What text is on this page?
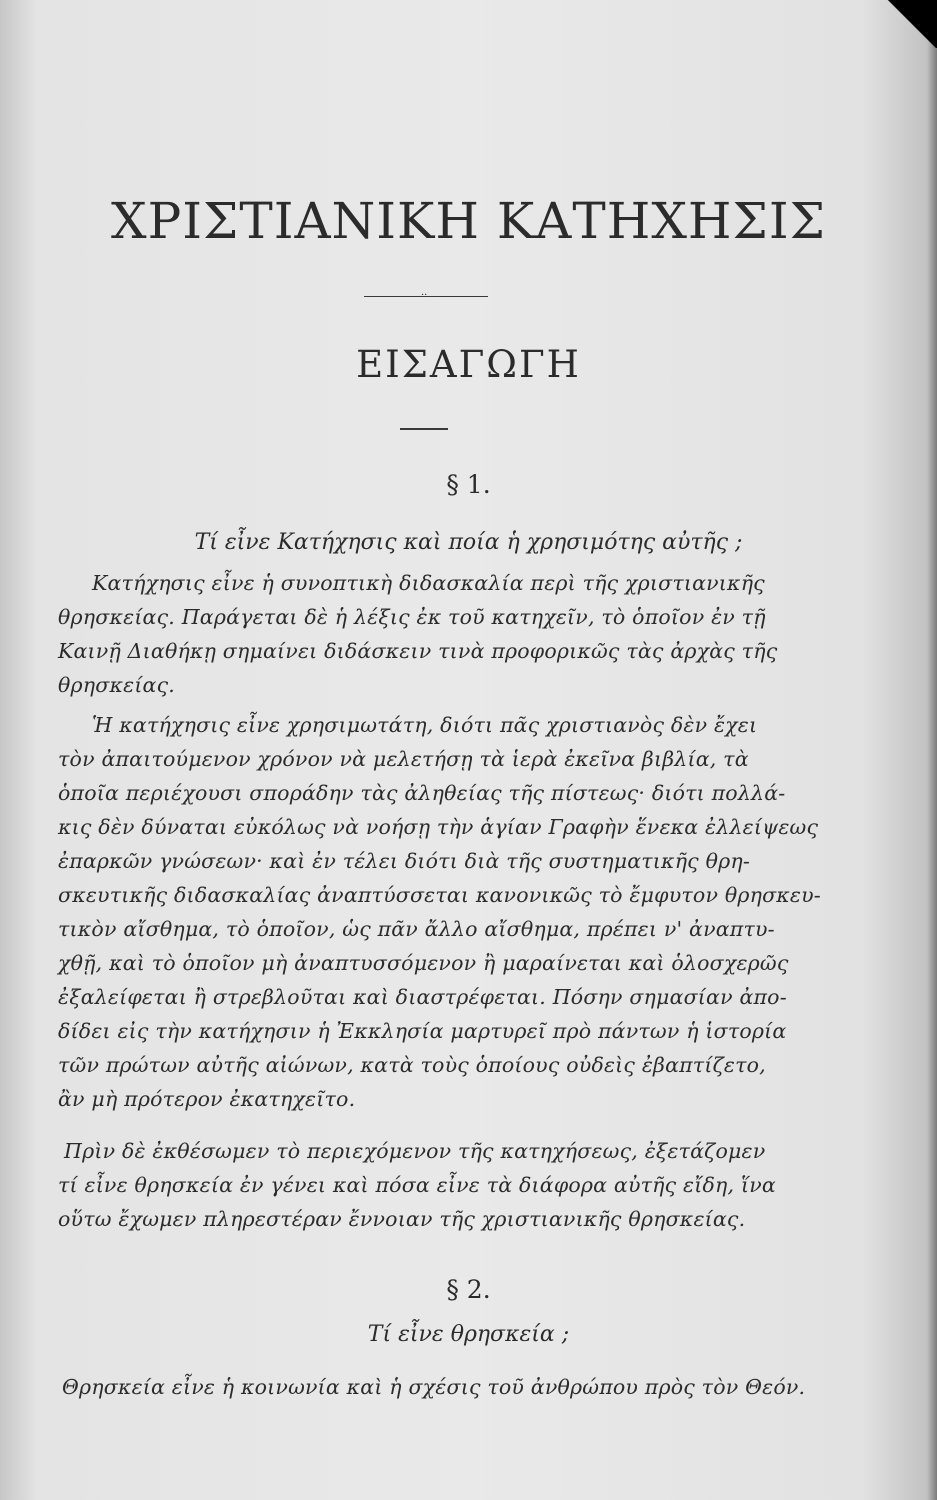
ΧΡΙΣΤΙΑΝΙΚΗ ΚΑΤΗΧΗΣΙΣ
··
ΕΙΣΑΓΩΓΗ
§ 1.
Τί εἶνε Κατήχησις καὶ ποία ἡ χρησιμότης αὐτῆς ;
Κατήχησις εἶνε ἡ συνοπτικὴ διδασκαλία περὶ τῆς χριστιανικῆς
θρησκείας. Παράγεται δὲ ἡ λέξις ἐκ τοῦ κατηχεῖν, τὸ ὁποῖον ἐν τῇ
Καινῇ Διαθήκῃ σημαίνει διδάσκειν τινὰ προφορικῶς τὰς ἀρχὰς τῆς
θρησκείας.
Ἡ κατήχησις εἶνε χρησιμωτάτη, διότι πᾶς χριστιανὸς δὲν ἔχει
τὸν ἀπαιτούμενον χρόνον νὰ μελετήσῃ τὰ ἱερὰ ἐκεῖνα βιβλία, τὰ
ὁποῖα περιέχουσι σποράδην τὰς ἀληθείας τῆς πίστεως· διότι πολλά-
κις δὲν δύναται εὐκόλως νὰ νοήσῃ τὴν ἁγίαν Γραφὴν ἕνεκα ἐλλείψεως
ἐπαρκῶν γνώσεων· καὶ ἐν τέλει διότι διὰ τῆς συστηματικῆς θρη-
σκευτικῆς διδασκαλίας ἀναπτύσσεται κανονικῶς τὸ ἔμφυτον θρησκευ-
τικὸν αἴσθημα, τὸ ὁποῖον, ὡς πᾶν ἄλλο αἴσθημα, πρέπει ν' ἀναπτυ-
χθῇ, καὶ τὸ ὁποῖον μὴ ἀναπτυσσόμενον ἢ μαραίνεται καὶ ὁλοσχερῶς
ἐξαλείφεται ἢ στρεβλοῦται καὶ διαστρέφεται. Πόσην σημασίαν ἀπο-
δίδει εἰς τὴν κατήχησιν ἡ Ἐκκλησία μαρτυρεῖ πρὸ πάντων ἡ ἱστορία
τῶν πρώτων αὐτῆς αἰώνων, κατὰ τοὺς ὁποίους οὐδεὶς ἐβαπτίζετο,
ἂν μὴ πρότερον ἐκατηχεῖτο.
Πρὶν δὲ ἐκθέσωμεν τὸ περιεχόμενον τῆς κατηχήσεως, ἐξετάζομεν
τί εἶνε θρησκεία ἐν γένει καὶ πόσα εἶνε τὰ διάφορα αὐτῆς εἴδη, ἵνα
οὕτω ἔχωμεν πληρεστέραν ἔννοιαν τῆς χριστιανικῆς θρησκείας.
§ 2.
Τί εἶνε θρησκεία ;
Θρησκεία εἶνε ἡ κοινωνία καὶ ἡ σχέσις τοῦ ἀνθρώπου πρὸς τὸν Θεόν.
